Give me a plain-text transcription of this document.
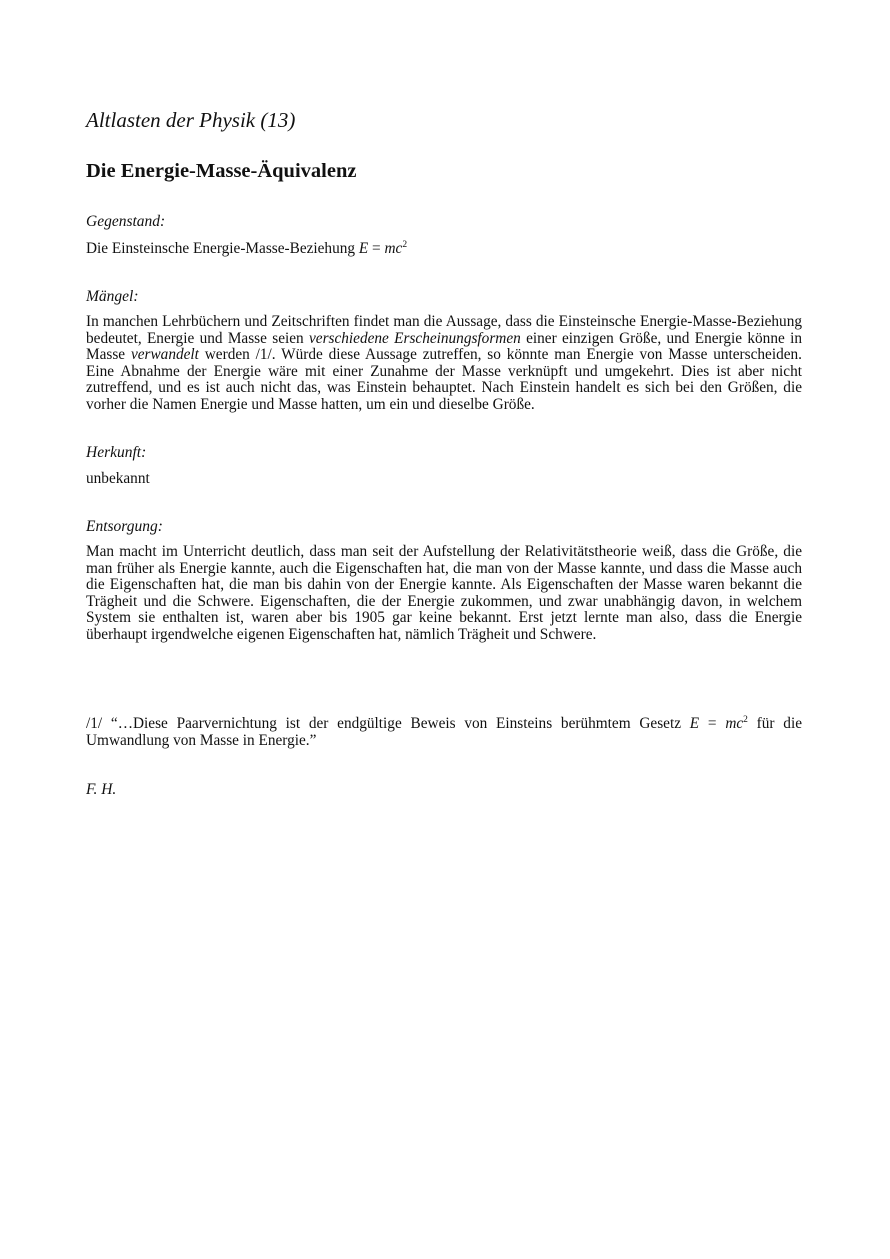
Altlasten der Physik (13)
Die Energie-Masse-Äquivalenz

Gegenstand:

Die Einsteinsche Energie-Masse-Beziehung $E = mc^2$

Mängel:

In manchen Lehrbüchern und Zeitschriften findet man die Aussage, dass die Einsteinsche Energie-Masse-Beziehung bedeutet, Energie und Masse seien verschiedene Erscheinungsformen einer einzigen Größe, und Energie könne in Masse verwandelt werden /1/. Würde diese Aussage zutreffen, so könnte man Energie von Masse unterscheiden. Eine Abnahme der Energie wäre mit einer Zunahme der Masse verknüpft und umgekehrt. Dies ist aber nicht zutreffend, und es ist auch nicht das, was Einstein behauptet. Nach Einstein handelt es sich bei den Größen, die vorher die Namen Energie und Masse hatten, um ein und dieselbe Größe.

Herkunft:

unbekannt

Entsorgung:

Man macht im Unterricht deutlich, dass man seit der Aufstellung der Relativitätstheorie weiß, dass die Größe, die man früher als Energie kannte, auch die Eigenschaften hat, die man von der Masse kannte, und dass die Masse auch die Eigenschaften hat, die man bis dahin von der Energie kannte. Als Eigenschaften der Masse waren bekannt die Trägheit und die Schwere. Eigenschaften, die der Energie zukommen, und zwar unabhängig davon, in welchem System sie enthalten ist, waren aber bis 1905 gar keine bekannt. Erst jetzt lernte man also, dass die Energie überhaupt irgendwelche eigenen Eigenschaften hat, nämlich Trägheit und Schwere.

/1/ “…Diese Paarvernichtung ist der endgültige Beweis von Einsteins berühmtem Gesetz $E = mc^2$ für die Umwandlung von Masse in Energie.”

F. H.
